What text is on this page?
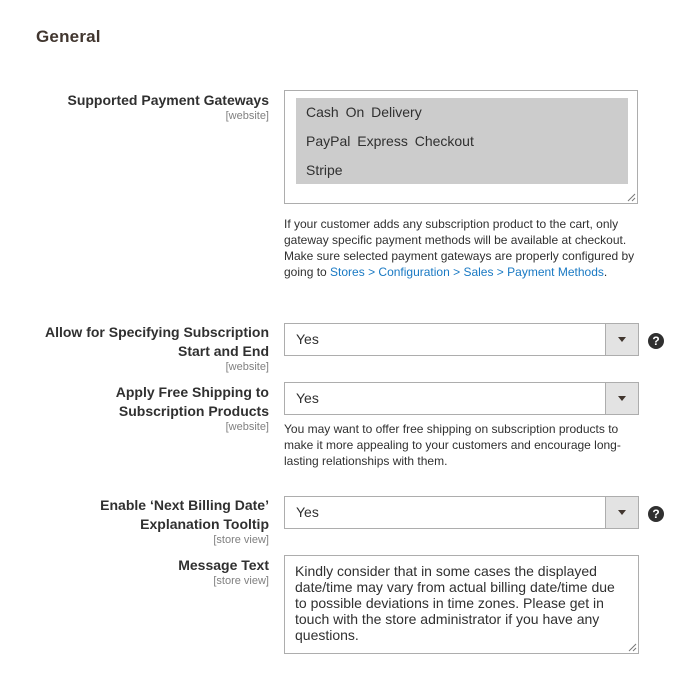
General
Supported Payment Gateways
[website]	Cash On Delivery
PayPal Express Checkout
Stripe
If your customer adds any subscription product to the cart, only gateway specific payment methods will be available at checkout. Make sure selected payment gateways are properly configured by going to Stores > Configuration > Sales > Payment Methods.
Allow for Specifying Subscription Start and End
[website]
Yes	?
Apply Free Shipping to Subscription Products
[website]
Yes
You may want to offer free shipping on subscription products to make it more appealing to your customers and encourage long-lasting relationships with them.
Enable ‘Next Billing Date’ Explanation Tooltip
[store view]
Yes	?
Message Text
[store view]
Kindly consider that in some cases the displayed date/time may vary from actual billing date/time due to possible deviations in time zones. Please get in touch with the store administrator if you have any questions.
